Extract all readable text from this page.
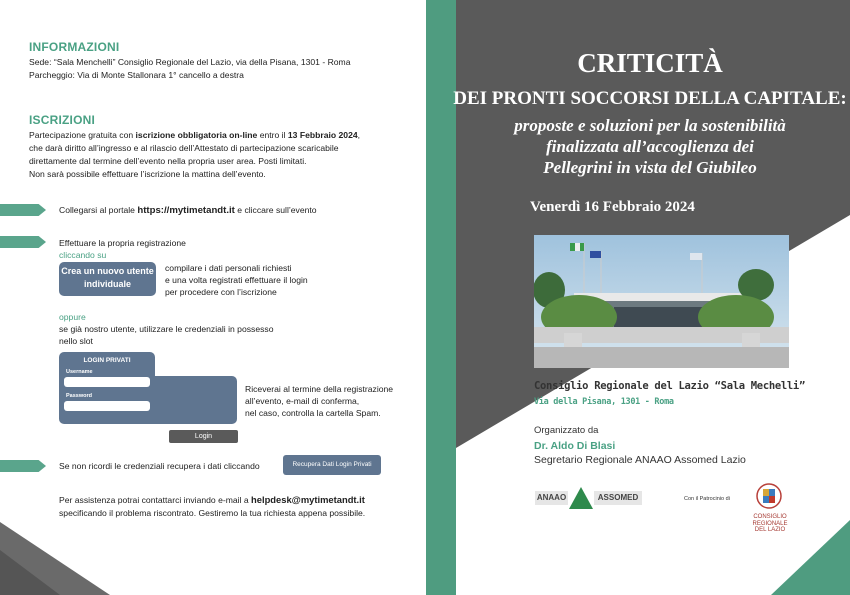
INFORMAZIONI
Sede: “Sala Menchelli” Consiglio Regionale del Lazio, via della Pisana, 1301 - Roma
Parcheggio: Via di Monte Stallonara 1° cancello a destra
ISCRIZIONI
Partecipazione gratuita con iscrizione obbligatoria on-line entro il 13 Febbraio 2024,
che darà diritto all’ingresso e al rilascio dell’Attestato di partecipazione scaricabile
direttamente dal termine dell’evento nella propria user area. Posti limitati.
Non sarà possibile effettuare l’iscrizione la mattina dell’evento.
Collegarsi al portale https://mytimetandt.it e cliccare sull’evento
Effettuare la propria registrazione
cliccando su
Crea un nuovo utente
individuale
compilare i dati personali richiesti
e una volta registrati effettuare il login
per procedere con l’iscrizione
oppure
se già nostro utente, utilizzare le credenziali in possesso
nello slot
LOGIN PRIVATI
Username
Password
Login
Riceverai al termine della registrazione
all’evento, e-mail di conferma,
nel caso, controlla la cartella Spam.
Se non ricordi le credenziali recupera i dati cliccando	Recupera Dati Login Privati
Per assistenza potrai contattarci inviando e-mail a helpdesk@mytimetandt.it
specificando il problema riscontrato. Gestiremo la tua richiesta appena possibile.
CRITICITÀ
DEI PRONTI SOCCORSI DELLA CAPITALE:
proposte e soluzioni per la sostenibilità
finalizzata all’accoglienza dei
Pellegrini in vista del Giubileo
Venerdì 16 Febbraio 2024
Consiglio Regionale del Lazio “Sala Mechelli”
Via della Pisana, 1301 - Roma
Organizzato da
Dr. Aldo Di Blasi
Segretario Regionale ANAAO Assomed Lazio
ANAAO	ASSOMED	Con il Patrocinio di
CONSIGLIO
REGIONALE
DEL LAZIO
